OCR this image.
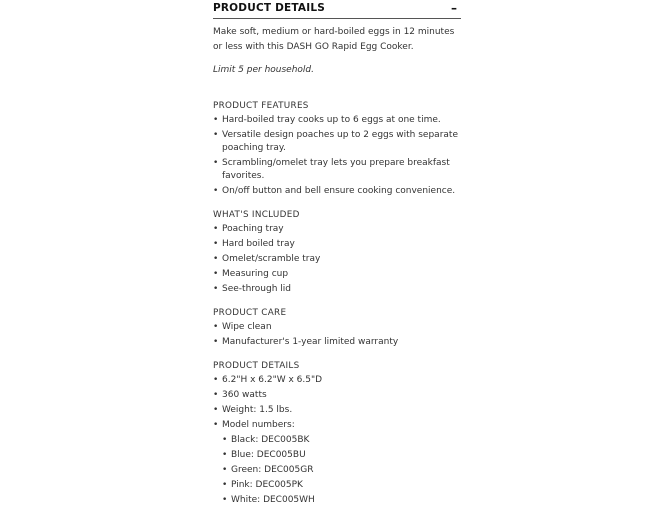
PRODUCT DETAILS	–

Make soft, medium or hard-boiled eggs in 12 minutes or less with this DASH GO Rapid Egg Cooker.

Limit 5 per household.

PRODUCT FEATURES

• Hard-boiled tray cooks up to 6 eggs at one time.
• Versatile design poaches up to 2 eggs with separate poaching tray.
• Scrambling/omelet tray lets you prepare breakfast favorites.
• On/off button and bell ensure cooking convenience.

WHAT'S INCLUDED

• Poaching tray
• Hard boiled tray
• Omelet/scramble tray
• Measuring cup
• See-through lid

PRODUCT CARE

• Wipe clean
• Manufacturer's 1-year limited warranty

PRODUCT DETAILS

• 6.2"H x 6.2"W x 6.5"D
• 360 watts
• Weight: 1.5 lbs.
• Model numbers:
• Black: DEC005BK
• Blue: DEC005BU
• Green: DEC005GR
• Pink: DEC005PK
• White: DEC005WH
